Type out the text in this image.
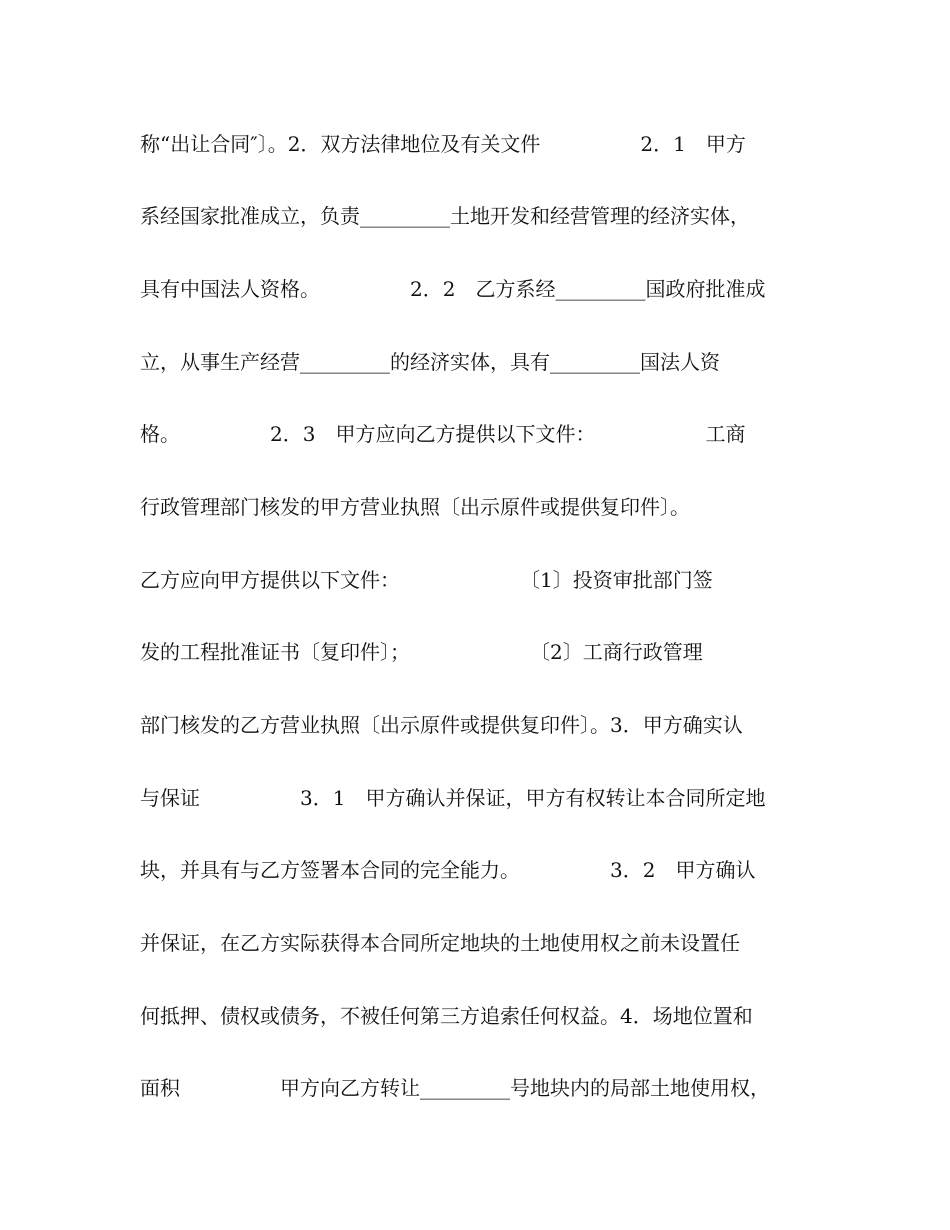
称“出让合同″〕。2．双方法律地位及有关文件　　　　　2．1　甲方
系经国家批准成立，负责_________土地开发和经营管理的经济实体，
具有中国法人资格。　　　　　2．2　乙方系经_________国政府批准成
立，从事生产经营_________的经济实体，具有_________国法人资
格。　　　　　2．3　甲方应向乙方提供以下文件：　　　　　　工商
行政管理部门核发的甲方营业执照〔出示原件或提供复印件〕。
乙方应向甲方提供以下文件：　　　　　　　〔1〕投资审批部门签
发的工程批准证书〔复印件〕；　　　　　　　〔2〕工商行政管理
部门核发的乙方营业执照〔出示原件或提供复印件〕。3．甲方确实认
与保证　　　　　3．1　甲方确认并保证，甲方有权转让本合同所定地
块，并具有与乙方签署本合同的完全能力。　　　　　3．2　甲方确认
并保证，在乙方实际获得本合同所定地块的土地使用权之前未设置任
何抵押、债权或债务，不被任何第三方追索任何权益。4．场地位置和
面积　　　　　甲方向乙方转让_________号地块内的局部土地使用权，
